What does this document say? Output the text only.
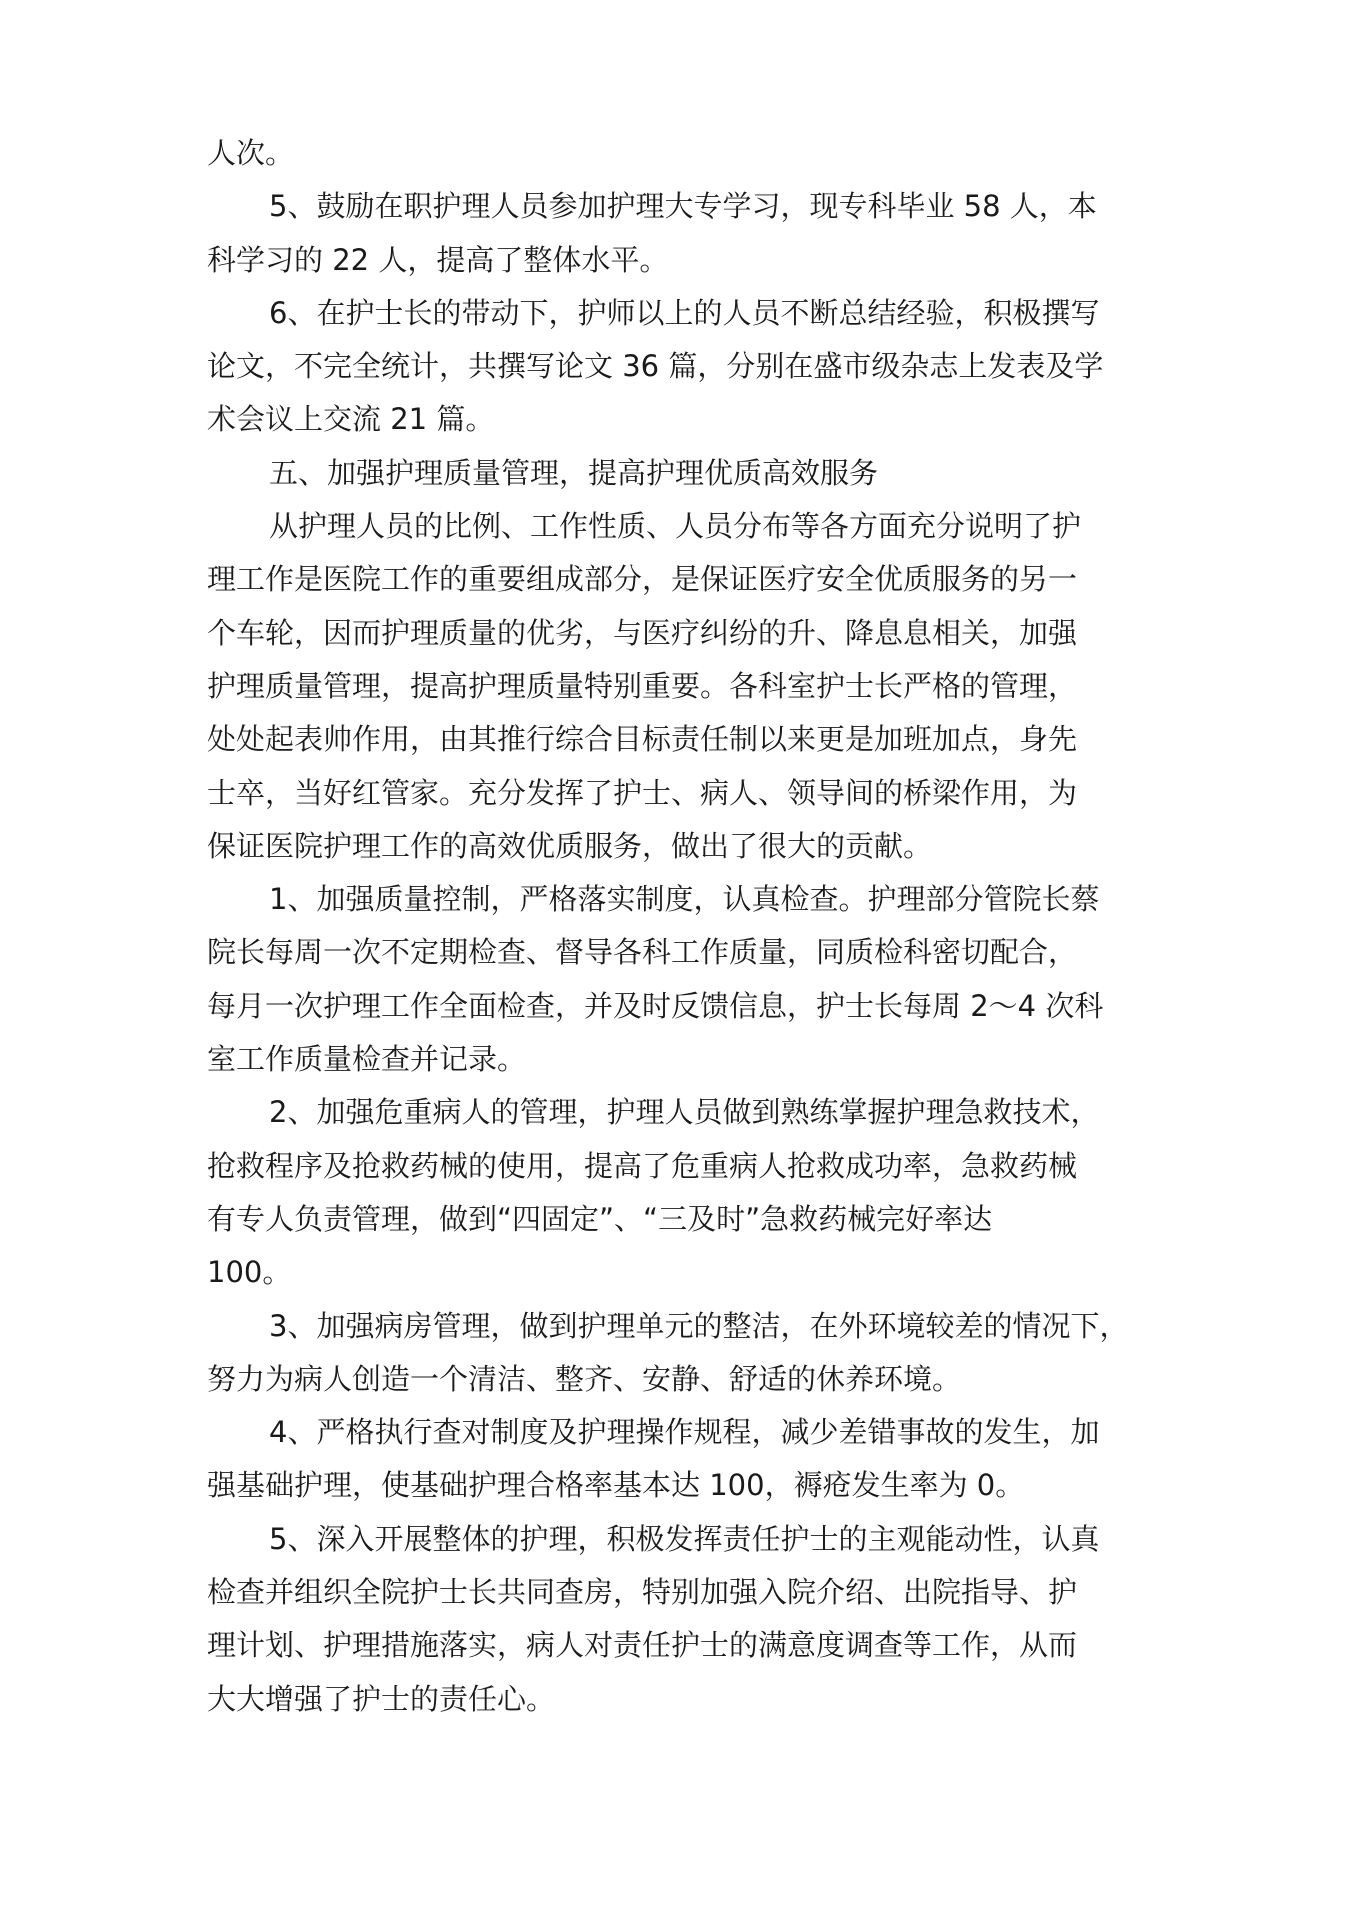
人次。
5、鼓励在职护理人员参加护理大专学习，现专科毕业 58 人，本
科学习的 22 人，提高了整体水平。
6、在护士长的带动下，护师以上的人员不断总结经验，积极撰写
论文，不完全统计，共撰写论文 36 篇，分别在盛市级杂志上发表及学
术会议上交流 21 篇。
五、加强护理质量管理，提高护理优质高效服务
从护理人员的比例、工作性质、人员分布等各方面充分说明了护
理工作是医院工作的重要组成部分，是保证医疗安全优质服务的另一
个车轮，因而护理质量的优劣，与医疗纠纷的升、降息息相关，加强
护理质量管理，提高护理质量特别重要。各科室护士长严格的管理，
处处起表帅作用，由其推行综合目标责任制以来更是加班加点，身先
士卒，当好红管家。充分发挥了护士、病人、领导间的桥梁作用，为
保证医院护理工作的高效优质服务，做出了很大的贡献。
1、加强质量控制，严格落实制度，认真检查。护理部分管院长蔡
院长每周一次不定期检查、督导各科工作质量，同质检科密切配合，
每月一次护理工作全面检查，并及时反馈信息，护士长每周 2～4 次科
室工作质量检查并记录。
2、加强危重病人的管理，护理人员做到熟练掌握护理急救技术，
抢救程序及抢救药械的使用，提高了危重病人抢救成功率，急救药械
有专人负责管理，做到“四固定”、“三及时”急救药械完好率达
100。
3、加强病房管理，做到护理单元的整洁，在外环境较差的情况下，
努力为病人创造一个清洁、整齐、安静、舒适的休养环境。
4、严格执行查对制度及护理操作规程，减少差错事故的发生，加
强基础护理，使基础护理合格率基本达 100，褥疮发生率为 0。
5、深入开展整体的护理，积极发挥责任护士的主观能动性，认真
检查并组织全院护士长共同查房，特别加强入院介绍、出院指导、护
理计划、护理措施落实，病人对责任护士的满意度调查等工作，从而
大大增强了护士的责任心。
